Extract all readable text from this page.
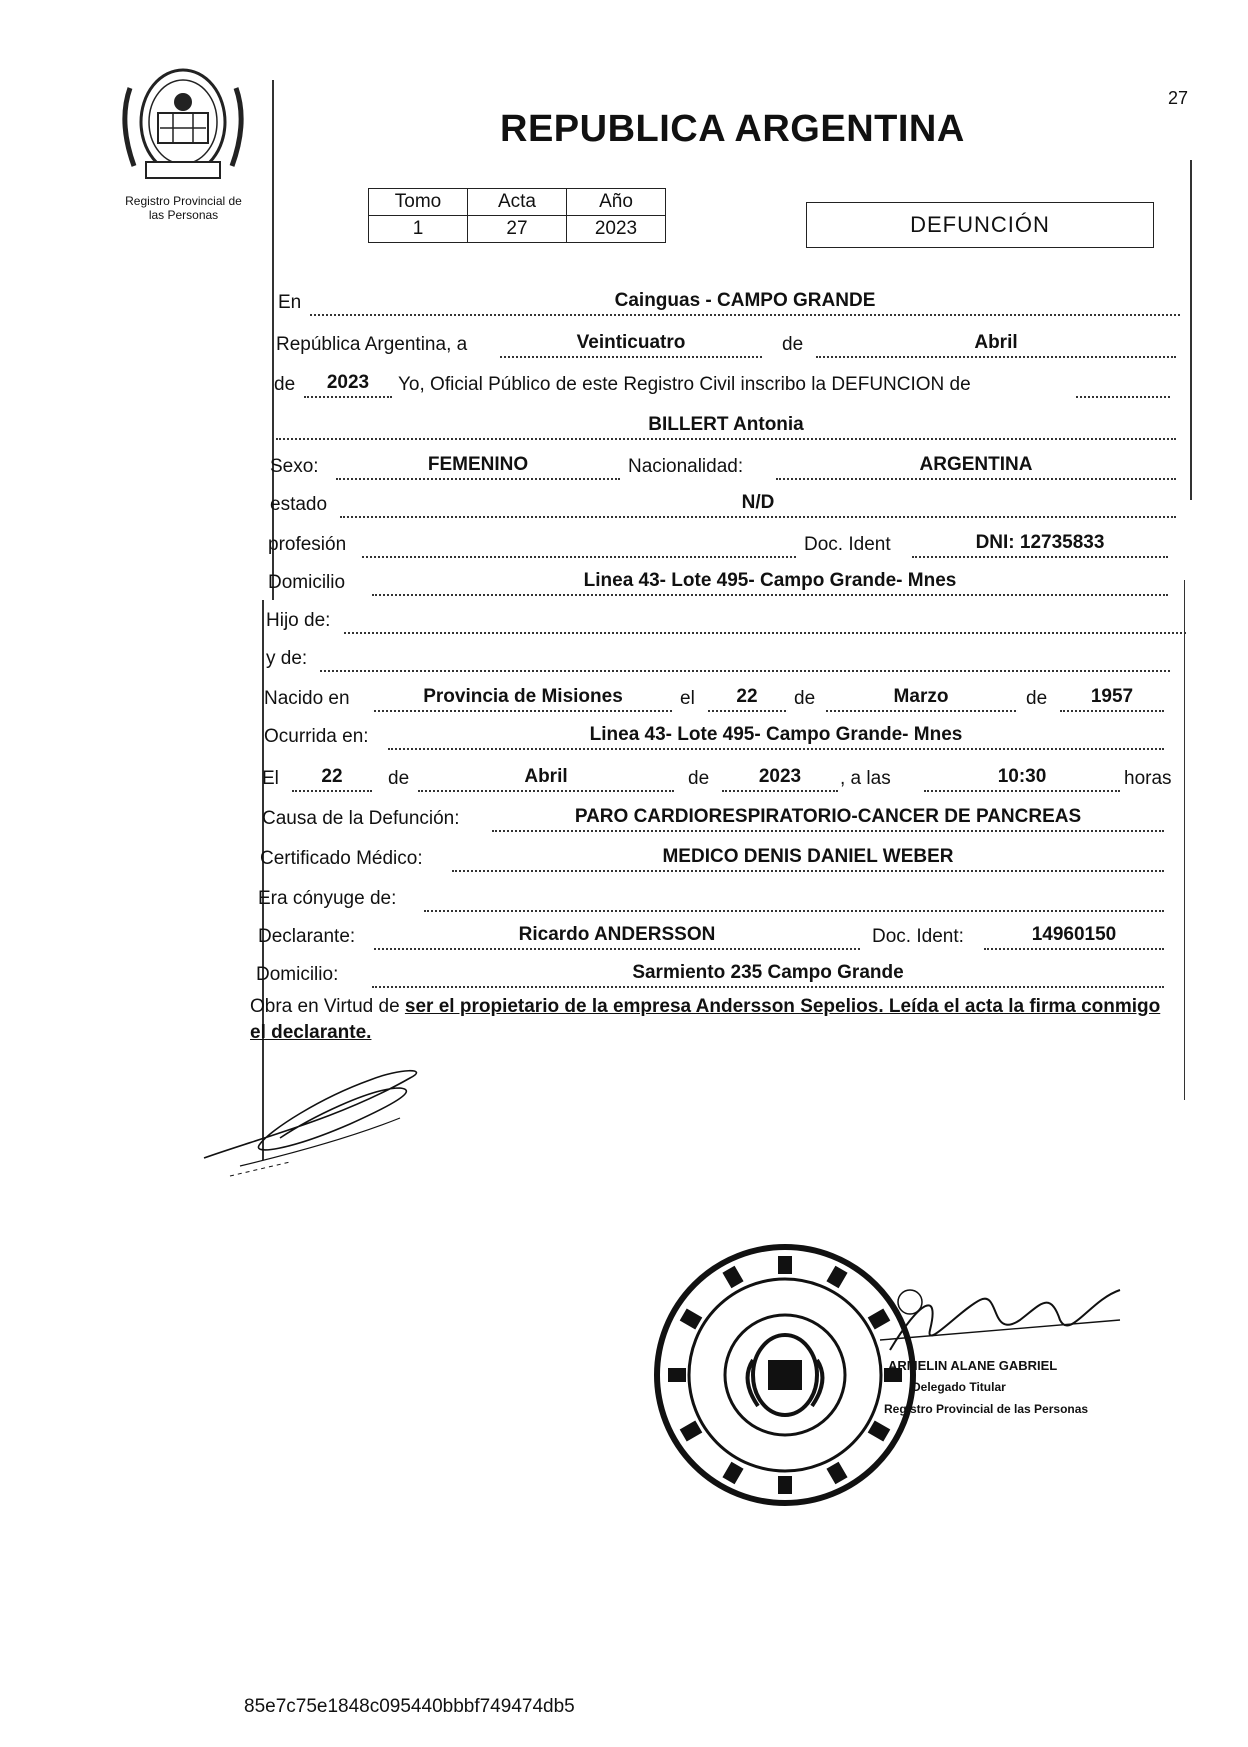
Registro Provincial de
las Personas
27
REPUBLICA ARGENTINA
Tomo	Acta	Año
1	27	2023	DEFUNCIÓN
En	Cainguas - CAMPO GRANDE
República Argentina, a	Veinticuatro	de	Abril
de	2023	Yo, Oficial Público de este Registro Civil inscribo la DEFUNCION de
BILLERT Antonia
Sexo:	FEMENINO	Nacionalidad:	ARGENTINA
estado	N/D
profesión	Doc. Ident	DNI: 12735833
Domicilio	Linea 43- Lote 495- Campo Grande- Mnes
Hijo de:
y de:
Nacido en	Provincia de Misiones	el	22	de	Marzo	de	1957
Ocurrida en:	Linea 43- Lote 495- Campo Grande- Mnes
El	22	de	Abril	de	2023	, a las	10:30	horas
Causa de la Defunción:	PARO CARDIORESPIRATORIO-CANCER DE PANCREAS
Certificado Médico:	MEDICO DENIS DANIEL WEBER
Era cónyuge de:
Declarante:	Ricardo ANDERSSON	Doc. Ident:	14960150
Domicilio:	Sarmiento 235 Campo Grande
Obra en Virtud de ser el propietario de la empresa Andersson Sepelios. Leída el acta la firma conmigo el declarante.
ARMELIN ALANE GABRIEL
Delegado Titular
Registro Provincial de las Personas
85e7c75e1848c095440bbbf749474db5
